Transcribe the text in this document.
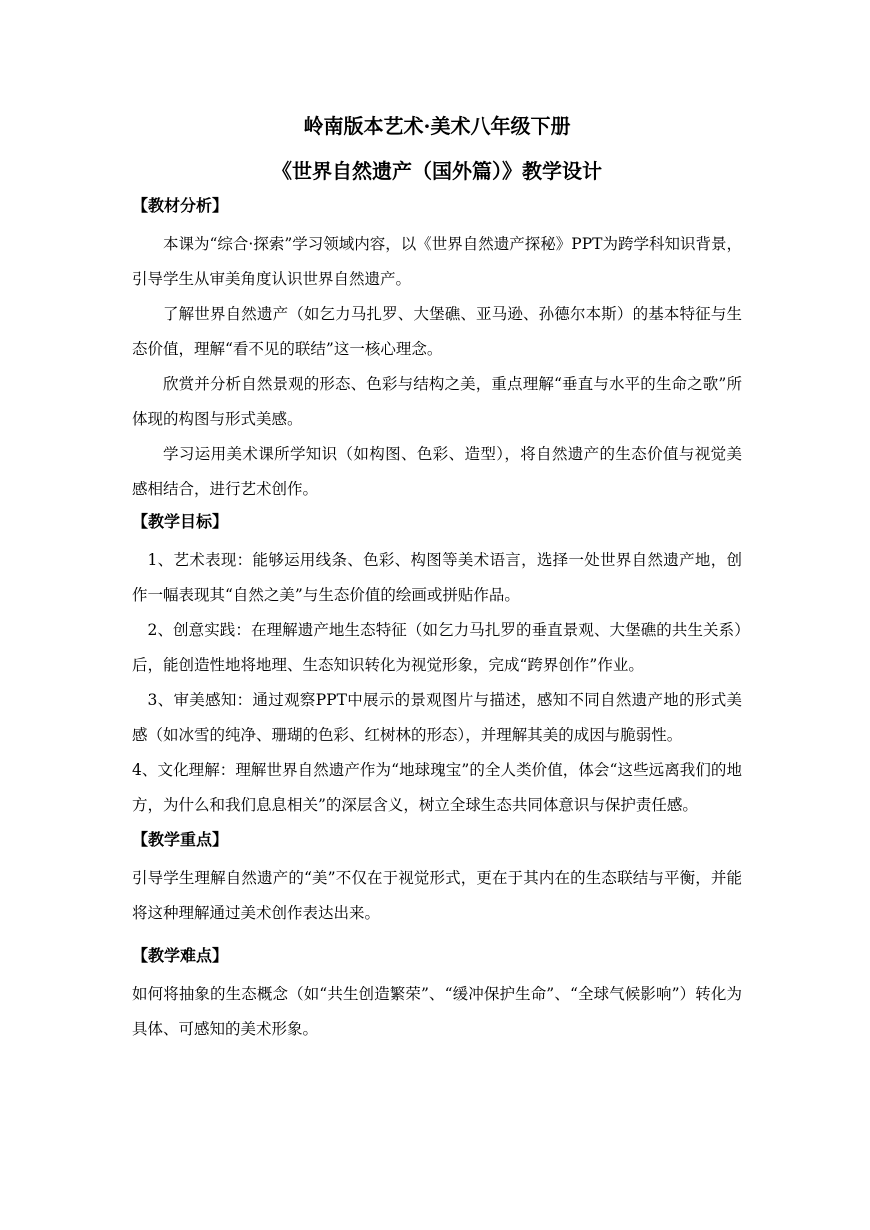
岭南版本艺术·美术八年级下册

《世界自然遗产（国外篇）》教学设计

【教材分析】

本课为“综合·探索”学习领域内容，以《世界自然遗产探秘》PPT为跨学科知识背景，引导学生从审美角度认识世界自然遗产。

了解世界自然遗产（如乞力马扎罗、大堡礁、亚马逊、孙德尔本斯）的基本特征与生态价值，理解“看不见的联结”这一核心理念。

欣赏并分析自然景观的形态、色彩与结构之美，重点理解“垂直与水平的生命之歌”所体现的构图与形式美感。

学习运用美术课所学知识（如构图、色彩、造型），将自然遗产的生态价值与视觉美感相结合，进行艺术创作。

【教学目标】

1、艺术表现：能够运用线条、色彩、构图等美术语言，选择一处世界自然遗产地，创作一幅表现其“自然之美”与生态价值的绘画或拼贴作品。

2、创意实践：在理解遗产地生态特征（如乞力马扎罗的垂直景观、大堡礁的共生关系）后，能创造性地将地理、生态知识转化为视觉形象，完成“跨界创作”作业。

3、审美感知：通过观察PPT中展示的景观图片与描述，感知不同自然遗产地的形式美感（如冰雪的纯净、珊瑚的色彩、红树林的形态），并理解其美的成因与脆弱性。

4、文化理解：理解世界自然遗产作为“地球瑰宝”的全人类价值，体会“这些远离我们的地方，为什么和我们息息相关”的深层含义，树立全球生态共同体意识与保护责任感。

【教学重点】

引导学生理解自然遗产的“美”不仅在于视觉形式，更在于其内在的生态联结与平衡，并能将这种理解通过美术创作表达出来。

【教学难点】

如何将抽象的生态概念（如“共生创造繁荣”、“缓冲保护生命”、“全球气候影响”）转化为具体、可感知的美术形象。
